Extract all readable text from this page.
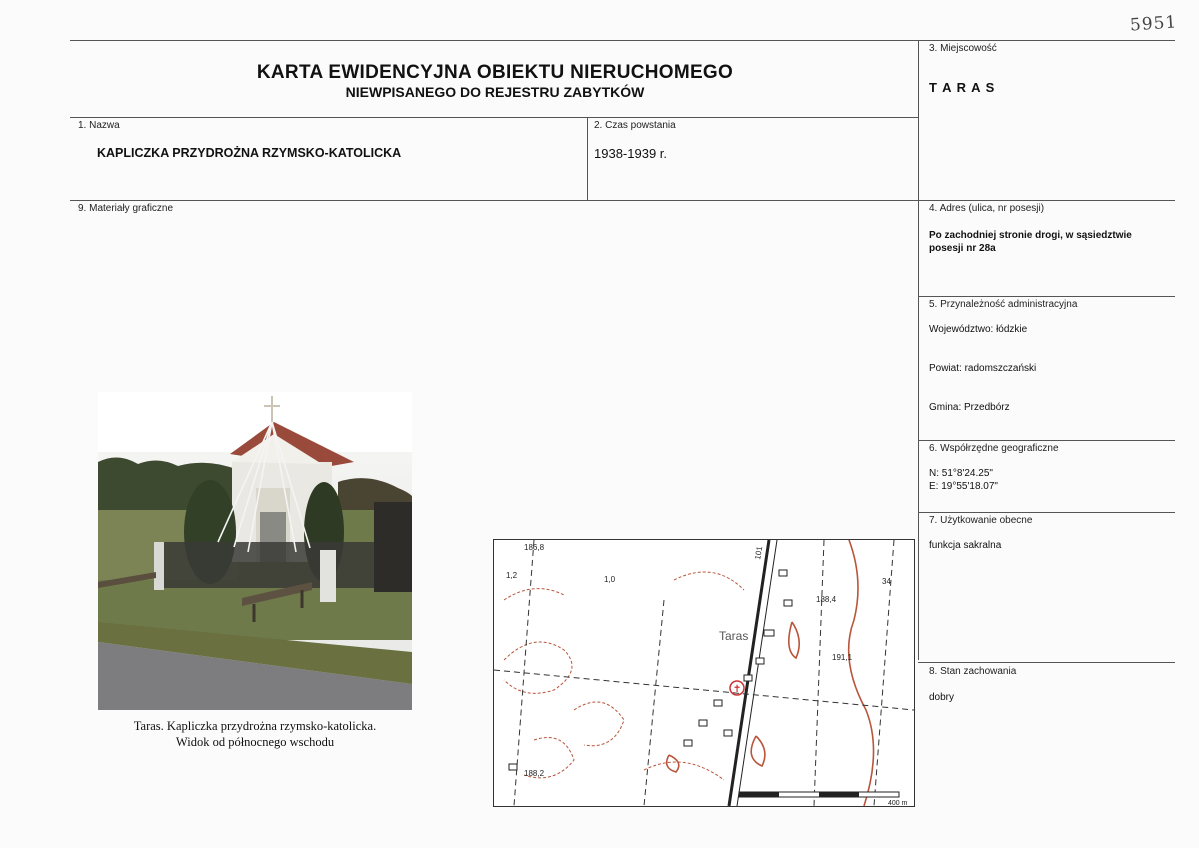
5951
KARTA EWIDENCYJNA OBIEKTU NIERUCHOMEGO
NIEWPISANEGO DO REJESTRU ZABYTKÓW
3. Miejscowość
T A R A S
1. Nazwa
KAPLICZKA PRZYDROŻNA RZYMSKO-KATOLICKA
2. Czas powstania
1938-1939 r.
9. Materiały graficzne	4. Adres (ulica, nr posesji)
Po zachodniej stronie drogi, w sąsiedztwie posesji nr 28a
5. Przynależność administracyjna
Województwo: łódzkie
Powiat: radomszczański
Gmina: Przedbórz
6. Współrzędne geograficzne
N: 51°8'24.25"
E: 19°55'18.07"
7. Użytkowanie obecne
funkcja sakralna
8. Stan zachowania
dobry
Taras. Kapliczka przydrożna rzymsko-katolicka.
Widok od północnego wschodu
✝
Taras
186,8
1,0
188,4
191,1
188,2
1,2
34
101
400 m
